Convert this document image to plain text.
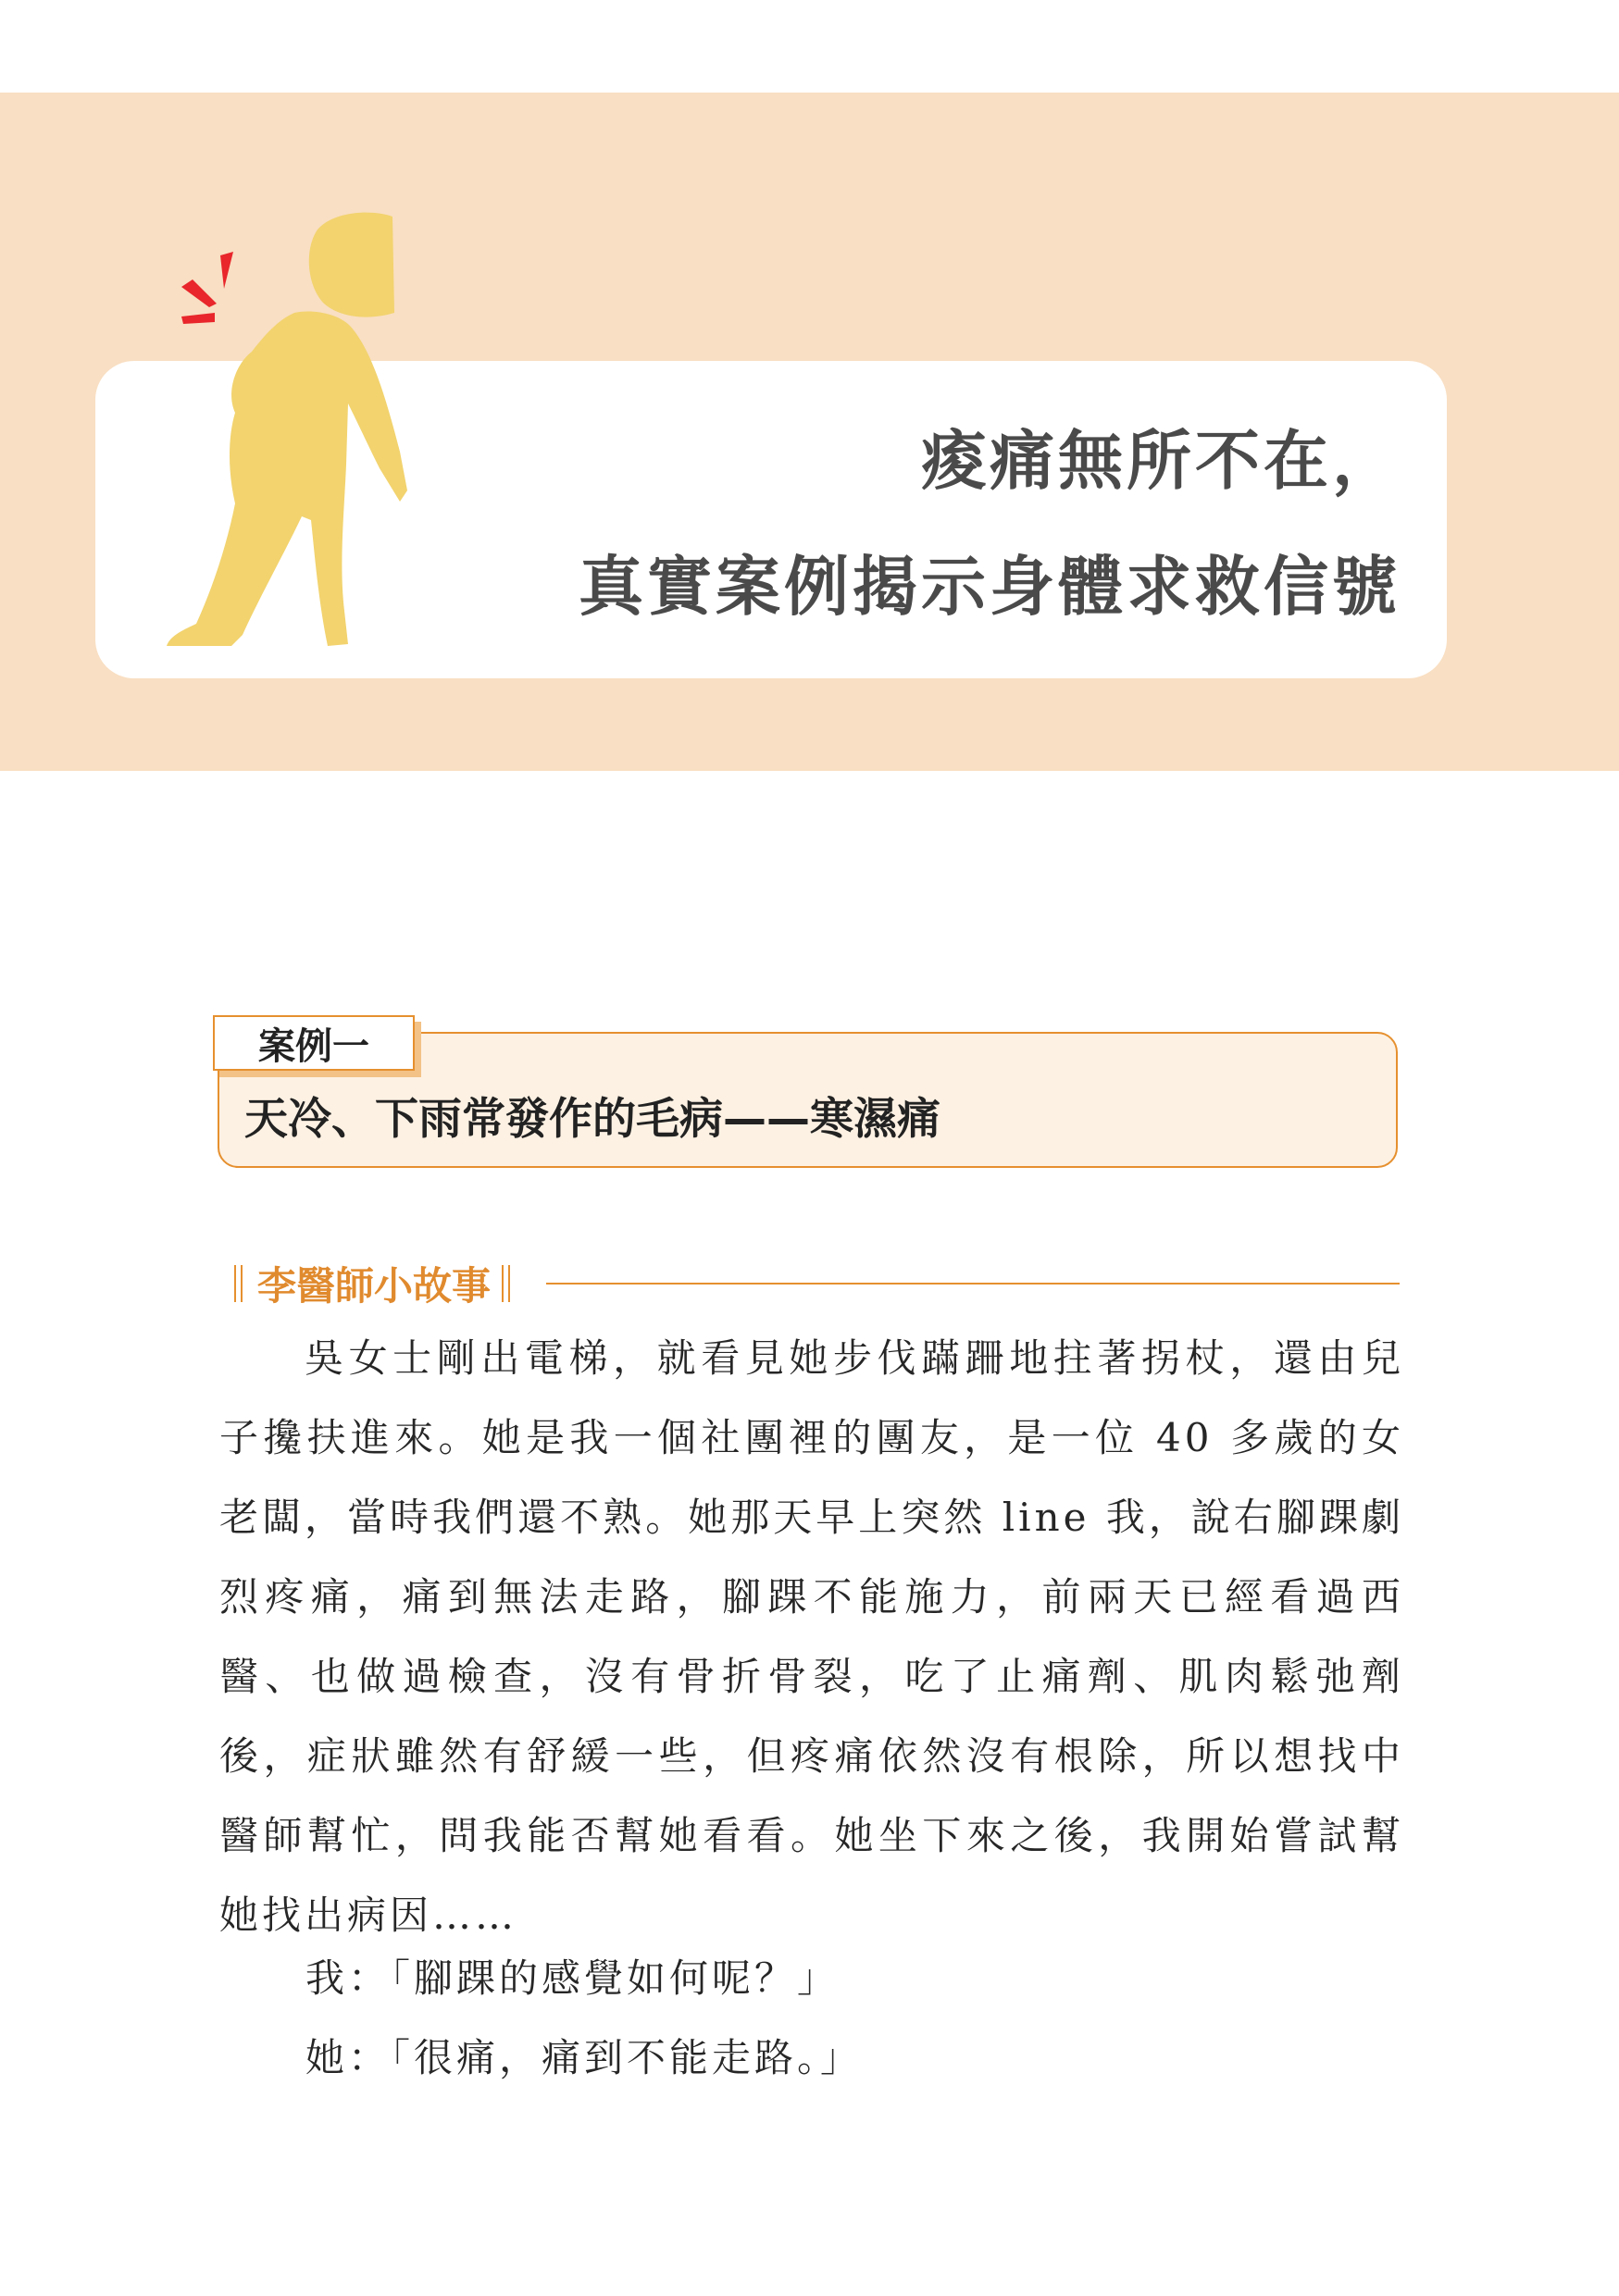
痠痛無所不在，
真實案例揭示身體求救信號
案例一
天冷、下雨常發作的毛病——寒濕痛
李醫師小故事

吳女士剛出電梯，就看見她步伐蹣跚地拄著拐杖，還由兒子攙扶進來。她是我一個社團裡的團友，是一位 40 多歲的女老闆，當時我們還不熟。她那天早上突然 line 我，說右腳踝劇烈疼痛，痛到無法走路，腳踝不能施力，前兩天已經看過西醫、也做過檢查，沒有骨折骨裂，吃了止痛劑、肌肉鬆弛劑後，症狀雖然有舒緩一些，但疼痛依然沒有根除，所以想找中醫師幫忙，問我能否幫她看看。她坐下來之後，我開始嘗試幫她找出病因……

我：「腳踝的感覺如何呢？」
她：「很痛，痛到不能走路。」
